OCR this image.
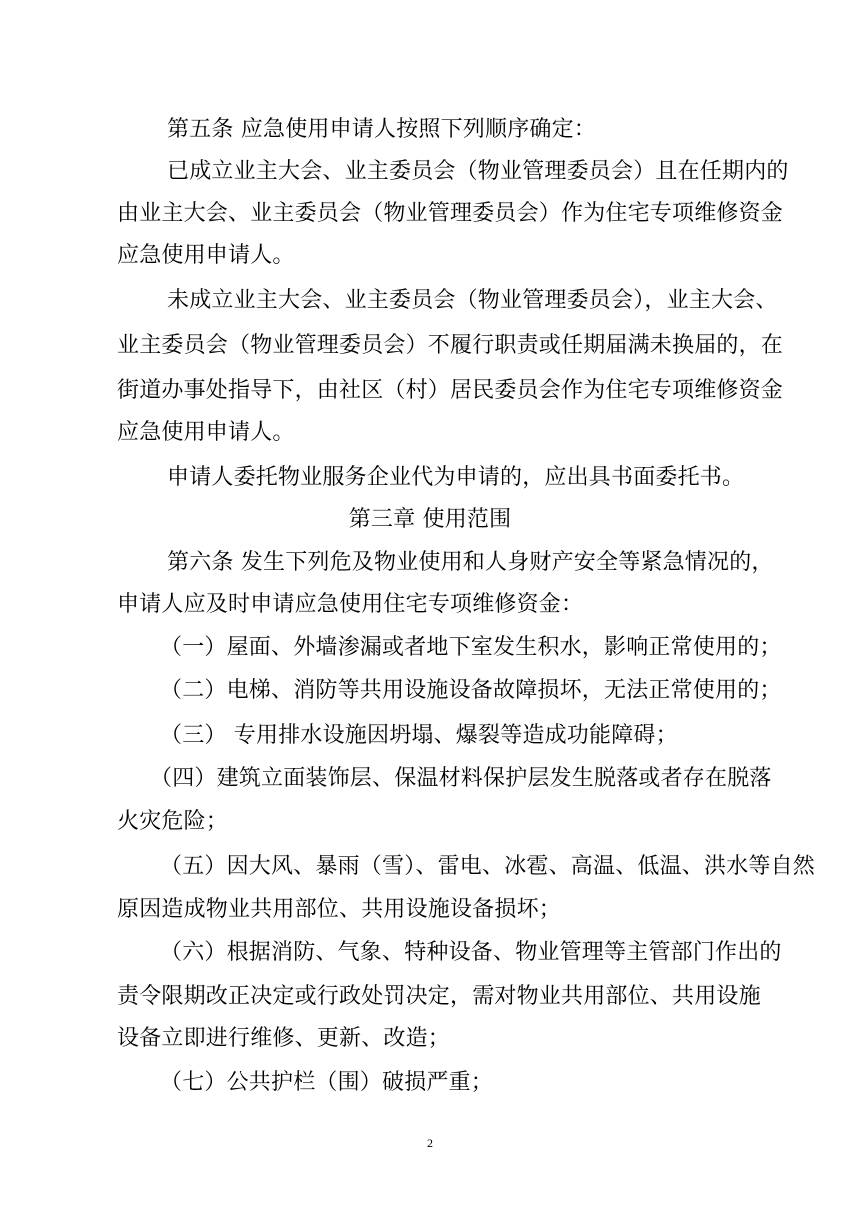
第五条 应急使用申请人按照下列顺序确定：
已成立业主大会、业主委员会（物业管理委员会）且在任期内的
由业主大会、业主委员会（物业管理委员会）作为住宅专项维修资金
应急使用申请人。
未成立业主大会、业主委员会（物业管理委员会），业主大会、
业主委员会（物业管理委员会）不履行职责或任期届满未换届的，在
街道办事处指导下，由社区（村）居民委员会作为住宅专项维修资金
应急使用申请人。
申请人委托物业服务企业代为申请的，应出具书面委托书。
第三章 使用范围
第六条 发生下列危及物业使用和人身财产安全等紧急情况的，
申请人应及时申请应急使用住宅专项维修资金：
（一）屋面、外墙渗漏或者地下室发生积水，影响正常使用的；
（二）电梯、消防等共用设施设备故障损坏，无法正常使用的；
（三） 专用排水设施因坍塌、爆裂等造成功能障碍；
（四）建筑立面装饰层、保温材料保护层发生脱落或者存在脱落
火灾危险；
（五）因大风、暴雨（雪）、雷电、冰雹、高温、低温、洪水等自然
原因造成物业共用部位、共用设施设备损坏；
（六）根据消防、气象、特种设备、物业管理等主管部门作出的
责令限期改正决定或行政处罚决定，需对物业共用部位、共用设施
设备立即进行维修、更新、改造；
（七）公共护栏（围）破损严重；
2
